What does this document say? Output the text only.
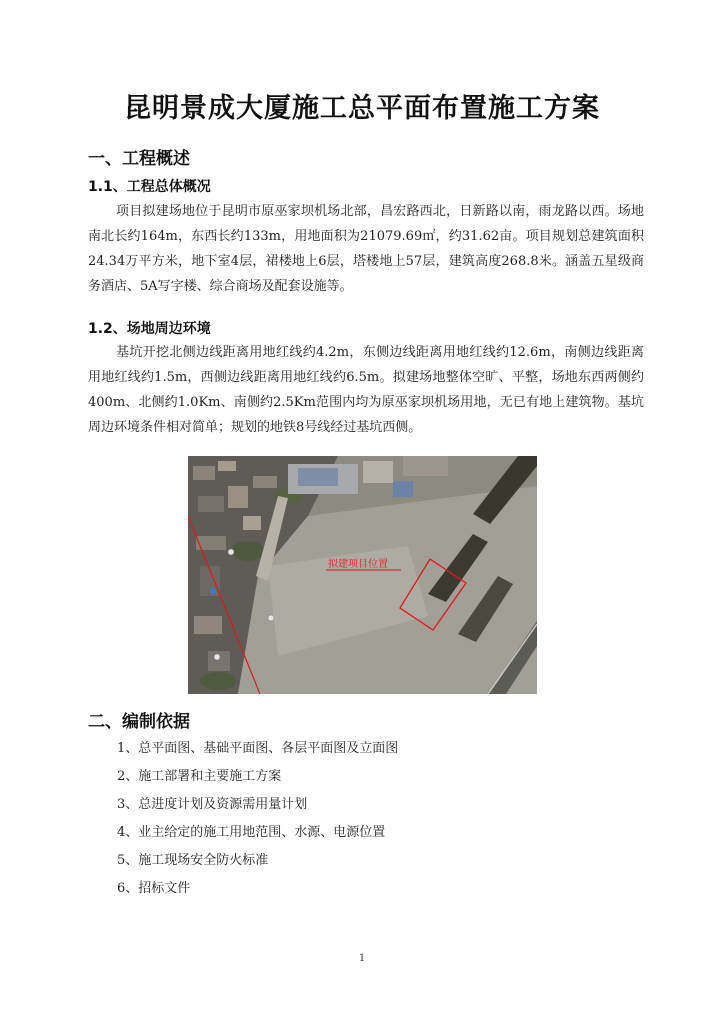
昆明景成大厦施工总平面布置施工方案
一、工程概述
1.1、工程总体概况
项目拟建场地位于昆明市原巫家坝机场北部，昌宏路西北，日新路以南，雨龙路以西。场地南北长约164m，东西长约133m，用地面积为21079.69㎡，约31.62亩。项目规划总建筑面积24.34万平方米，地下室4层，裙楼地上6层，塔楼地上57层，建筑高度268.8米。涵盖五星级商务酒店、5A写字楼、综合商场及配套设施等。
1.2、场地周边环境
基坑开挖北侧边线距离用地红线约4.2m，东侧边线距离用地红线约12.6m，南侧边线距离用地红线约1.5m，西侧边线距离用地红线约6.5m。拟建场地整体空旷、平整，场地东西两侧约400m、北侧约1.0Km、南侧约2.5Km范围内均为原巫家坝机场用地，无已有地上建筑物。基坑周边环境条件相对简单；规划的地铁8号线经过基坑西侧。
拟建项目位置
二、编制依据
1、总平面图、基础平面图、各层平面图及立面图
2、施工部署和主要施工方案
3、总进度计划及资源需用量计划
4、业主给定的施工用地范围、水源、电源位置
5、施工现场安全防火标准
6、招标文件
1
